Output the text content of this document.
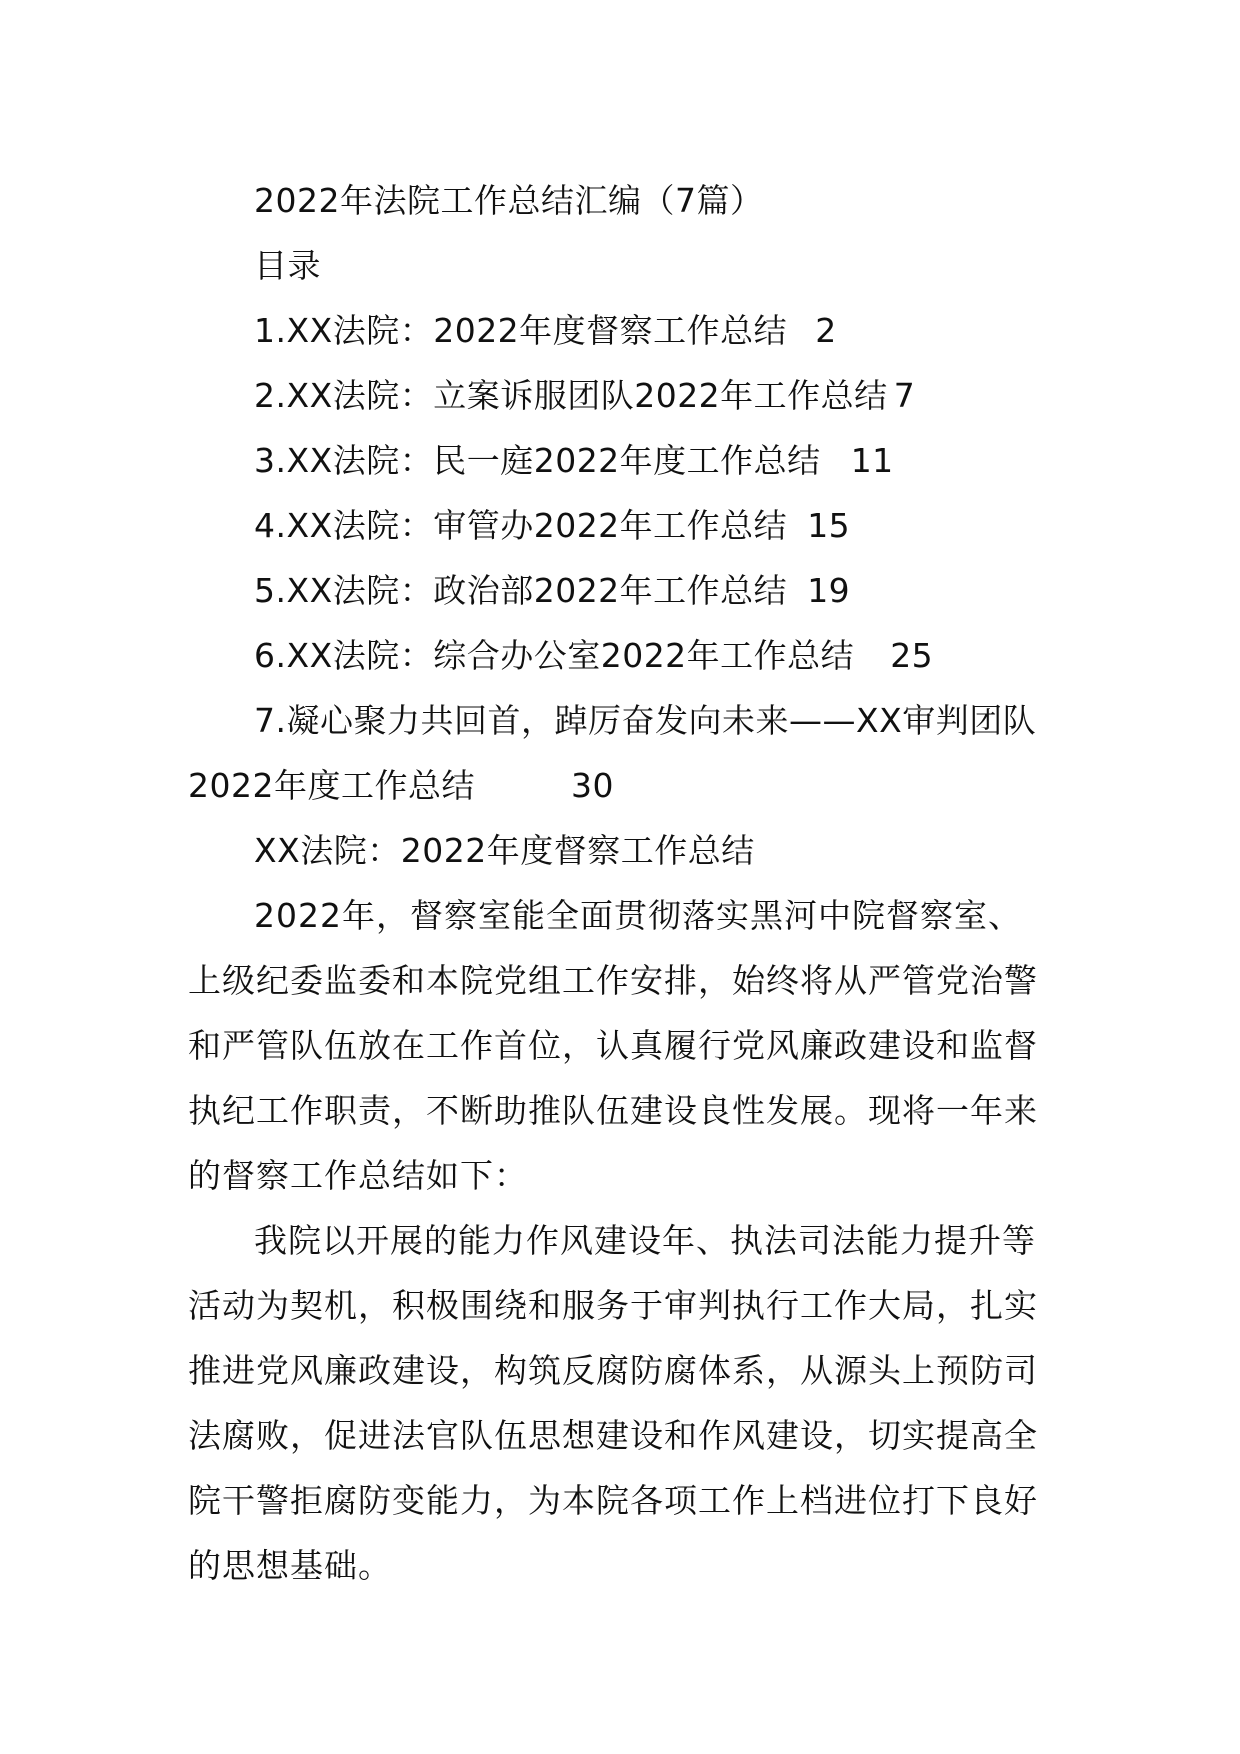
2022年法院工作总结汇编（7篇）
目录
1.XX法院：2022年度督察工作总结 2
2.XX法院：立案诉服团队2022年工作总结 7
3.XX法院：民一庭2022年度工作总结 11
4.XX法院：审管办2022年工作总结 15
5.XX法院：政治部2022年工作总结 19
6.XX法院：综合办公室2022年工作总结 25

7.凝心聚力共回首，踔厉奋发向未来——XX审判团队2022年度工作总结	30

XX法院：2022年度督察工作总结

2022年，督察室能全面贯彻落实黑河中院督察室、上级纪委监委和本院党组工作安排，始终将从严管党治警和严管队伍放在工作首位，认真履行党风廉政建设和监督执纪工作职责，不断助推队伍建设良性发展。现将一年来的督察工作总结如下：

我院以开展的能力作风建设年、执法司法能力提升等活动为契机，积极围绕和服务于审判执行工作大局，扎实推进党风廉政建设，构筑反腐防腐体系，从源头上预防司法腐败，促进法官队伍思想建设和作风建设，切实提高全院干警拒腐防变能力，为本院各项工作上档进位打下良好的思想基础。
